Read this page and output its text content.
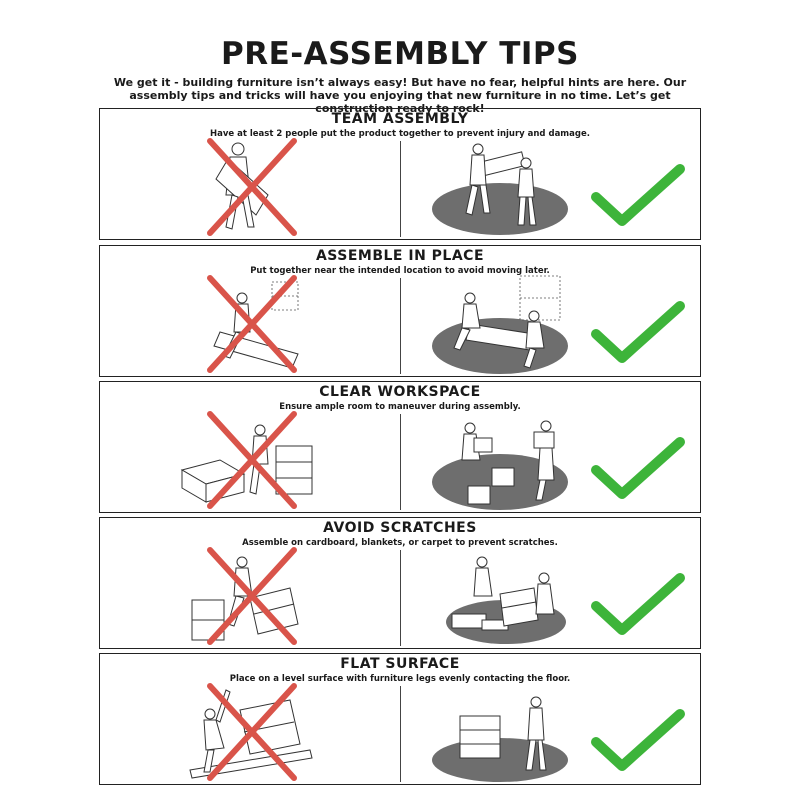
PRE-ASSEMBLY TIPS
We get it - building furniture isn’t always easy! But have no fear, helpful hints are here. Our assembly tips and tricks will have you enjoying that new furniture in no time. Let’s get construction ready to rock!
TEAM ASSEMBLY
Have at least 2 people put the product together to prevent injury and damage.
ASSEMBLE IN PLACE
Put together near the intended location to avoid moving later.
CLEAR WORKSPACE
Ensure ample room to maneuver during assembly.
AVOID SCRATCHES
Assemble on cardboard, blankets, or carpet to prevent scratches.
FLAT SURFACE
Place on a level surface with furniture legs evenly contacting the floor.
